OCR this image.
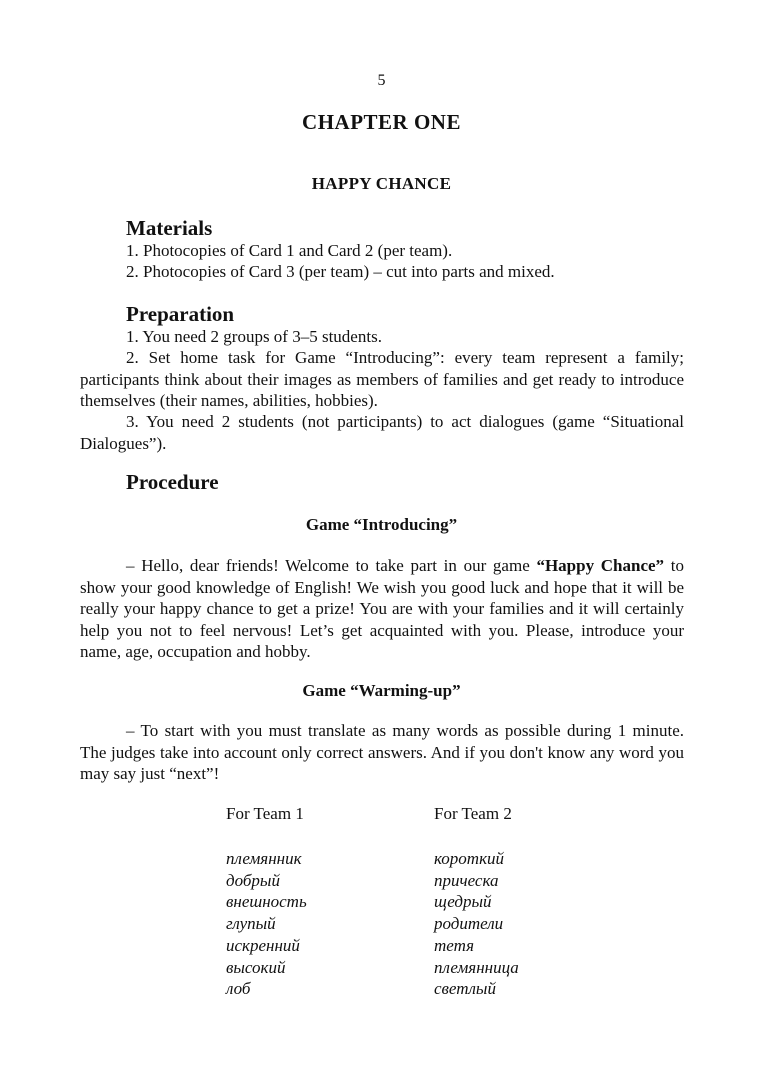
5
CHAPTER ONE
HAPPY CHANCE
Materials
1. Photocopies of Card 1 and Card 2 (per team).
2. Photocopies of Card 3 (per team) – cut into parts and mixed.
Preparation
1. You need 2 groups of 3–5 students.
2. Set home task for Game “Introducing”: every team represent a family; participants think about their images as members of families and get ready to introduce themselves (their names, abilities, hobbies).
3. You need 2 students (not participants) to act dialogues (game “Situational Dialogues”).
Procedure
Game “Introducing”
– Hello, dear friends! Welcome to take part in our game “Happy Chance” to show your good knowledge of English! We wish you good luck and hope that it will be really your happy chance to get a prize! You are with your families and it will certainly help you not to feel nervous! Let’s get acquainted with you. Please, introduce your name, age, occupation and hobby.
Game “Warming-up”
– To start with you must translate as many words as possible during 1 minute. The judges take into account only correct answers. And if you don't know any word you may say just “next”!
For Team 1	For Team 2
племянник
добрый
внешность
глупый
искренний
высокий
лоб
короткий
прическа
щедрый
родители
тетя
племянница
светлый
